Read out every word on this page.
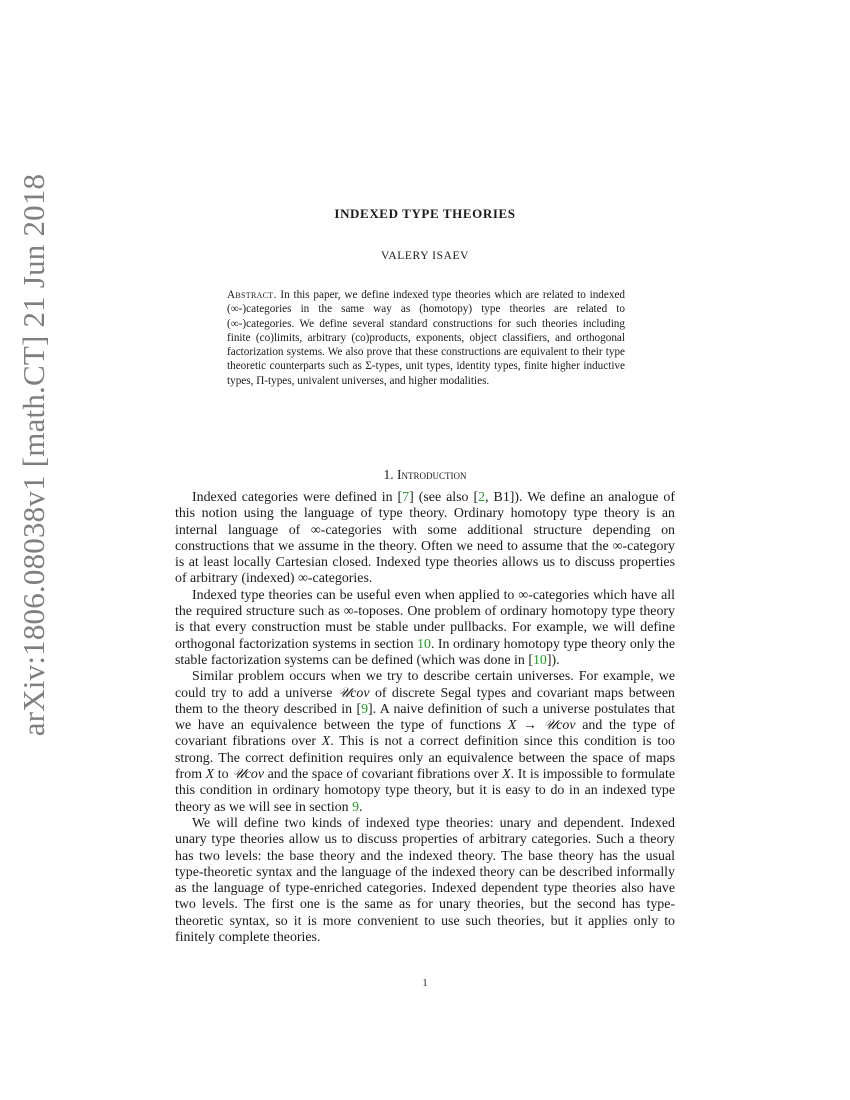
arXiv:1806.08038v1 [math.CT] 21 Jun 2018	INDEXED TYPE THEORIES
VALERY ISAEV
Abstract. In this paper, we define indexed type theories which are related to indexed (∞-)categories in the same way as (homotopy) type theories are related to (∞-)categories. We define several standard constructions for such theories including finite (co)limits, arbitrary (co)products, exponents, object classifiers, and orthogonal factorization systems. We also prove that these constructions are equivalent to their type theoretic counterparts such as Σ-types, unit types, identity types, finite higher inductive types, Π-types, univalent universes, and higher modalities.
1. Introduction

Indexed categories were defined in [7] (see also [2, B1]). We define an analogue of this notion using the language of type theory. Ordinary homotopy type theory is an internal language of ∞-categories with some additional structure depending on constructions that we assume in the theory. Often we need to assume that the ∞-category is at least locally Cartesian closed. Indexed type theories allows us to discuss properties of arbitrary (indexed) ∞-categories.

Indexed type theories can be useful even when applied to ∞-categories which have all the required structure such as ∞-toposes. One problem of ordinary homotopy type theory is that every construction must be stable under pullbacks. For example, we will define orthogonal factorization systems in section 10. In ordinary homotopy type theory only the stable factorization systems can be defined (which was done in [10]).

Similar problem occurs when we try to describe certain universes. For example, we could try to add a universe 𝒰cov of discrete Segal types and covariant maps between them to the theory described in [9]. A naive definition of such a universe postulates that we have an equivalence between the type of functions X → 𝒰cov and the type of covariant fibrations over X. This is not a correct definition since this condition is too strong. The correct definition requires only an equivalence between the space of maps from X to 𝒰cov and the space of covariant fibrations over X. It is impossible to formulate this condition in ordinary homotopy type theory, but it is easy to do in an indexed type theory as we will see in section 9.

We will define two kinds of indexed type theories: unary and dependent. Indexed unary type theories allow us to discuss properties of arbitrary categories. Such a theory has two levels: the base theory and the indexed theory. The base theory has the usual type-theoretic syntax and the language of the indexed theory can be described informally as the language of type-enriched categories. Indexed dependent type theories also have two levels. The first one is the same as for unary theories, but the second has type-theoretic syntax, so it is more convenient to use such theories, but it applies only to finitely complete theories.

1
